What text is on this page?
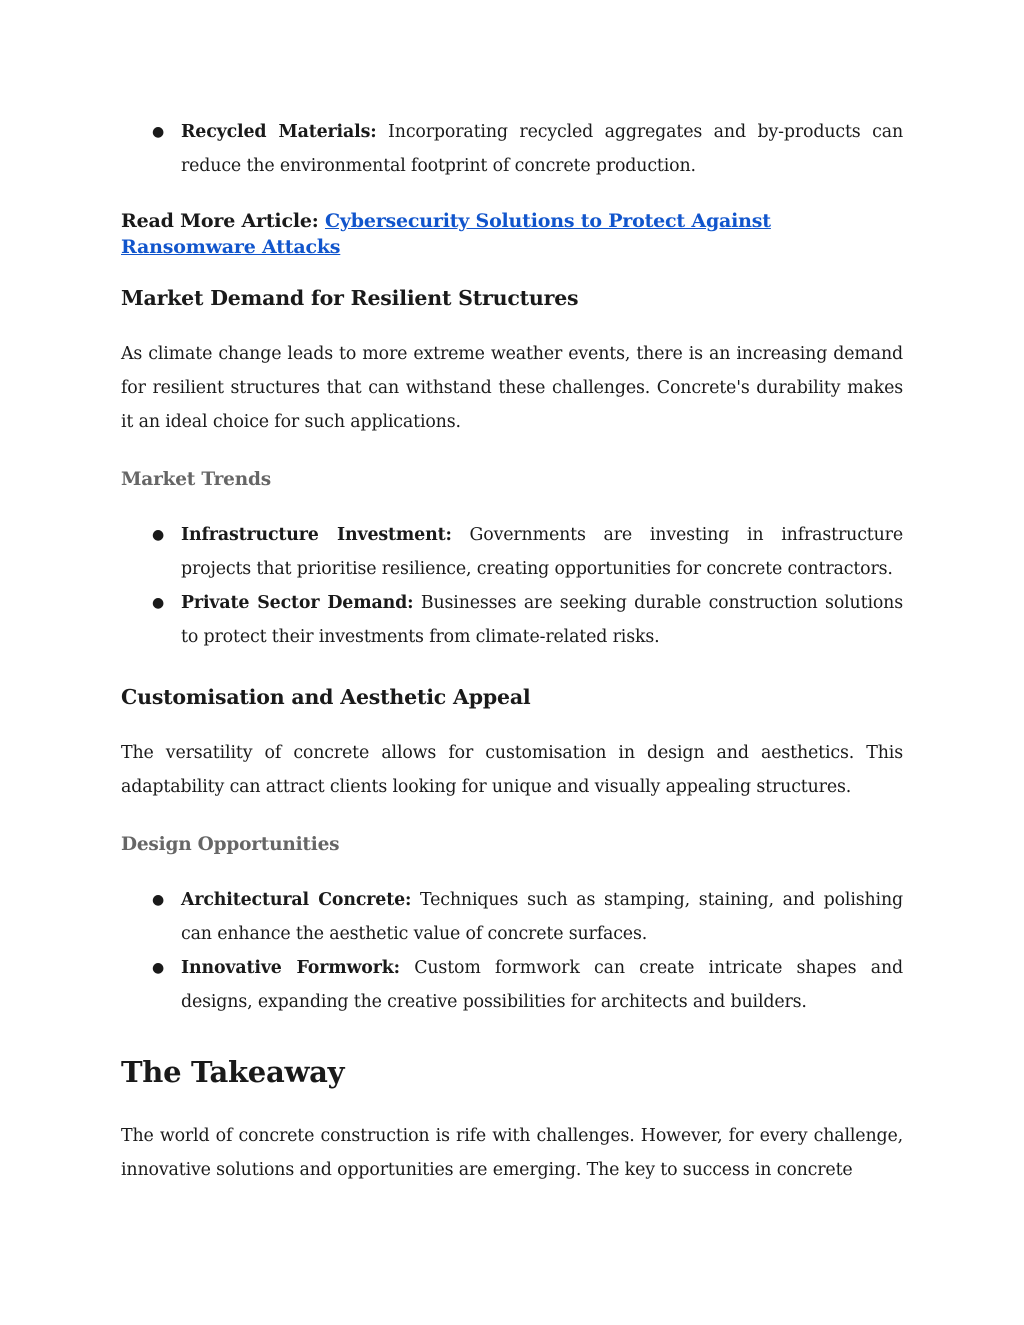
● Recycled Materials: Incorporating recycled aggregates and by-products can reduce the environmental footprint of concrete production.

Read More Article: Cybersecurity Solutions to Protect Against Ransomware Attacks

Market Demand for Resilient Structures

As climate change leads to more extreme weather events, there is an increasing demand for resilient structures that can withstand these challenges. Concrete's durability makes it an ideal choice for such applications.

Market Trends
● Infrastructure Investment: Governments are investing in infrastructure projects that prioritise resilience, creating opportunities for concrete contractors.
● Private Sector Demand: Businesses are seeking durable construction solutions to protect their investments from climate-related risks.
Customisation and Aesthetic Appeal

The versatility of concrete allows for customisation in design and aesthetics. This adaptability can attract clients looking for unique and visually appealing structures.

Design Opportunities
● Architectural Concrete: Techniques such as stamping, staining, and polishing can enhance the aesthetic value of concrete surfaces.
● Innovative Formwork: Custom formwork can create intricate shapes and designs, expanding the creative possibilities for architects and builders.
The Takeaway

The world of concrete construction is rife with challenges. However, for every challenge, innovative solutions and opportunities are emerging. The key to success in concrete
